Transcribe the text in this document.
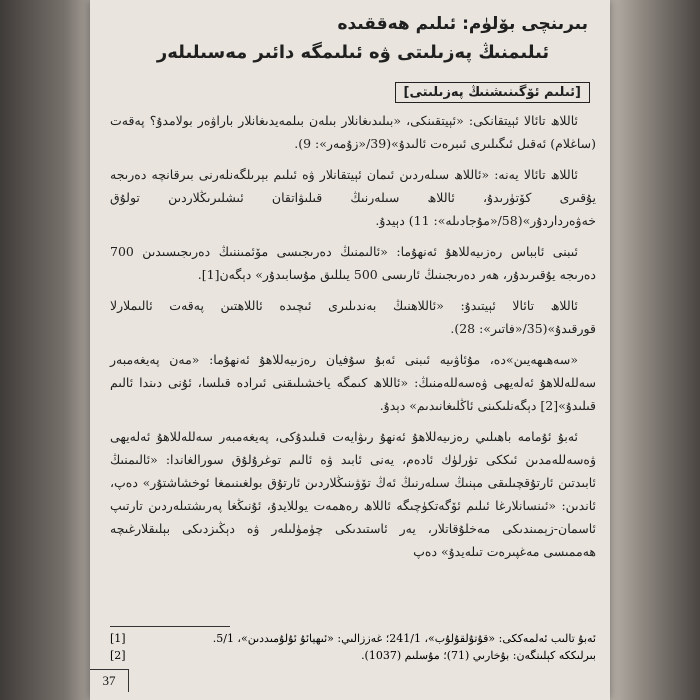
بىرىنچى بۆلۈم: ئىلىم ھەققىدە
ئىلىمنىڭ پەزىلىتى ۋە ئىلىمگە دائىر مەسىلىلەر
[ئىلىم ئۆگىنىشنىڭ پەزىلىتى]

ئاللاھ تائالا ئېيتقانكى: «ئېيتقىنكى، «بىلىدىغانلار بىلەن بىلمەيدىغانلار باراۋەر بولامدۇ؟ پەقەت (ساغلام) ئەقىل ئىگىلىرى ئىبرەت ئالىدۇ»(39/«زۇمەر»: 9).

ئاللاھ تائالا يەنە: «ئاللاھ سىلەردىن ئىمان ئېيتقانلار ۋە ئىلىم بېرىلگەنلەرنى بىرقانچە دەرىجە يۇقىرى كۆتۈرىدۇ، ئاللاھ سىلەرنىڭ قىلىۋاتقان ئىشلىرىڭلاردىن تولۇق خەۋەرداردۇر»(58/«مۇجادىلە»: 11) دېيدۇ.

ئىبنى ئابباس رەزىيەللاھۇ ئەنھۇما: «ئالىمنىڭ دەرىجىسى مۆئمىننىڭ دەرىجىسىدىن 700 دەرىجە يۇقىرىدۇر، ھەر دەرىجىنىڭ ئارىسى 500 يىللىق مۇسابىدۇر» دېگەن[1].

ئاللاھ تائالا ئېيتىدۇ: «ئاللاھنىڭ بەندىلىرى ئىچىدە ئاللاھتىن پەقەت ئالىملارلا قورقىدۇ»(35/«فاتىر»: 28).

«سەھىھەيىن»دە، مۇئاۋىيە ئىبنى ئەبۇ سۇفيان رەزىيەللاھۇ ئەنھۇما: «مەن پەيغەمبەر سەللەللاھۇ ئەلەيھى ۋەسەللەمنىڭ: «ئاللاھ كىمگە ياخشىلىقنى ئىرادە قىلسا، ئۇنى دىندا ئالىم قىلىدۇ»[2] دېگەنلىكىنى ئاڭلىغانىدىم» دېدۇ.

ئەبۇ ئۇمامە باھىلىي رەزىيەللاھۇ ئەنھۇ رىۋايەت قىلىدۇكى، پەيغەمبەر سەللەللاھۇ ئەلەيھى ۋەسەللەمدىن ئىككى تۈرلۈك ئادەم، يەنى ئابىد ۋە ئالىم توغرۇلۇق سورالغاندا: «ئالىمنىڭ ئابىدتىن ئارتۇقچىلىقى مېنىڭ سىلەرنىڭ ئەڭ تۆۋىنىڭلاردىن ئارتۇق بولغىنىمغا ئوخشاشتۇر» دەپ، ئاندىن: «ئىنسانلارغا ئىلىم ئۆگەتكۈچىگە ئاللاھ رەھمەت يوللايدۇ، ئۇنىڭغا پەرىشتىلەردىن تارتىپ ئاسمان-زېمىندىكى مەخلۇقاتلار، يەر ئاستىدىكى چۈمۈلىلەر ۋە دېڭىزدىكى بېلىقلارغىچە ھەممىسى مەغپىرەت تىلەيدۇ» دەپ

ئەبۇ تالىب ئەلمەككى: «قۇتۇلقۇلۇب»، 241/1؛ غەززالىي: «ئىھيائۇ ئۇلۇمىددىن»، 5/1.
[1]
بىرلىككە كېلىنگەن: بۇخارىي (71)؛ مۇسلىم (1037).
[2]
37
